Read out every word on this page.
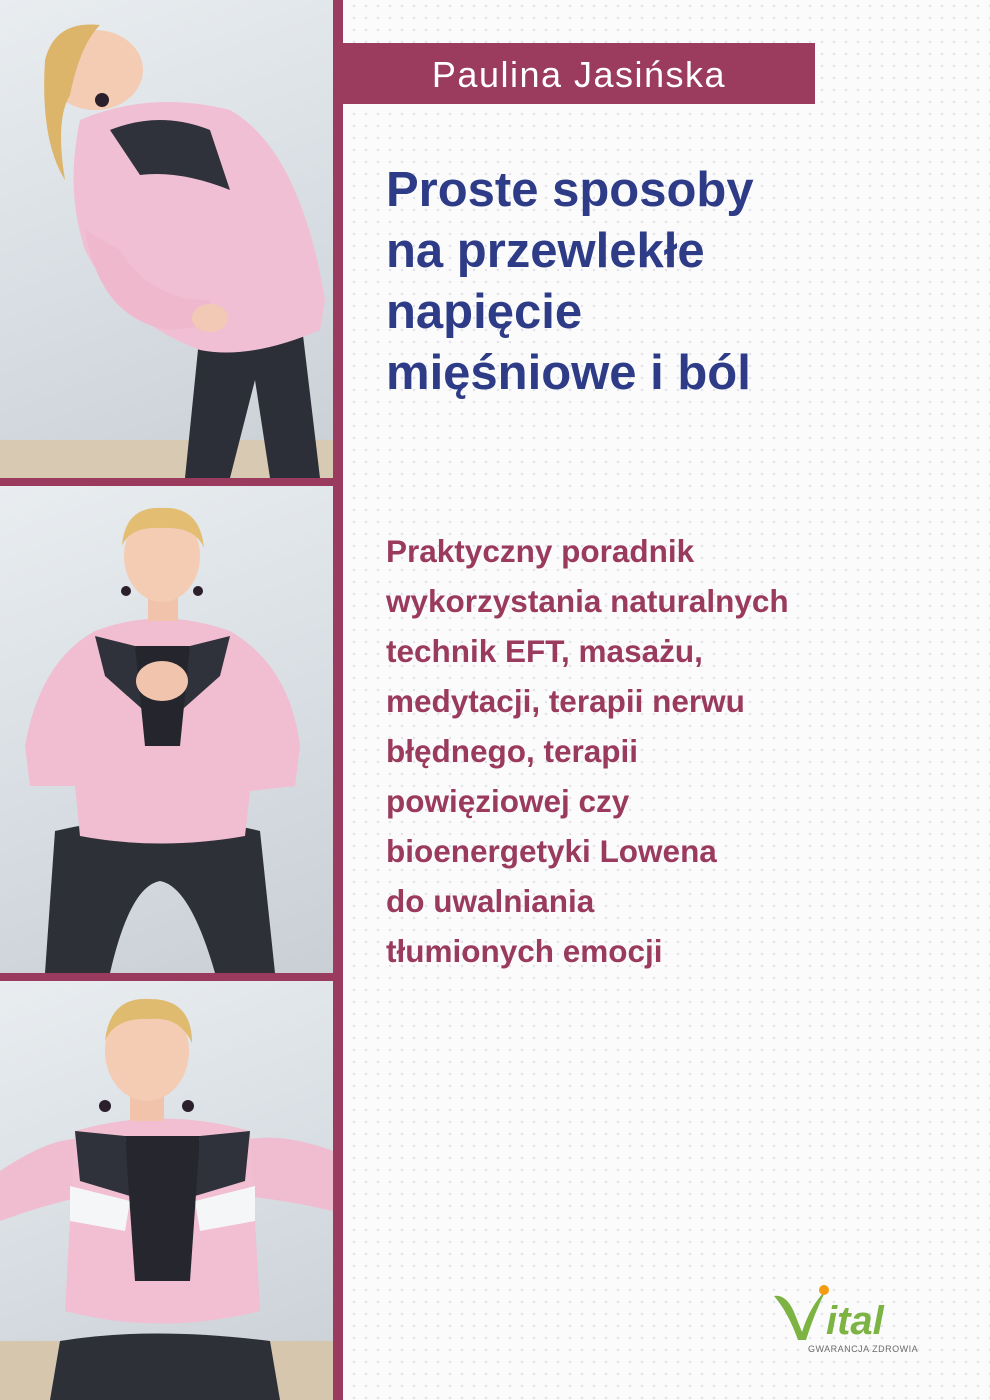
Paulina Jasińska
Proste sposoby
na przewlekłe
napięcie
mięśniowe i ból
Praktyczny poradnik
wykorzystania naturalnych
technik EFT, masażu,
medytacji, terapii nerwu
błędnego, terapii
powięziowej czy
bioenergetyki Lowena
do uwalniania
tłumionych emocji
ital
GWARANCJA ZDROWIA
